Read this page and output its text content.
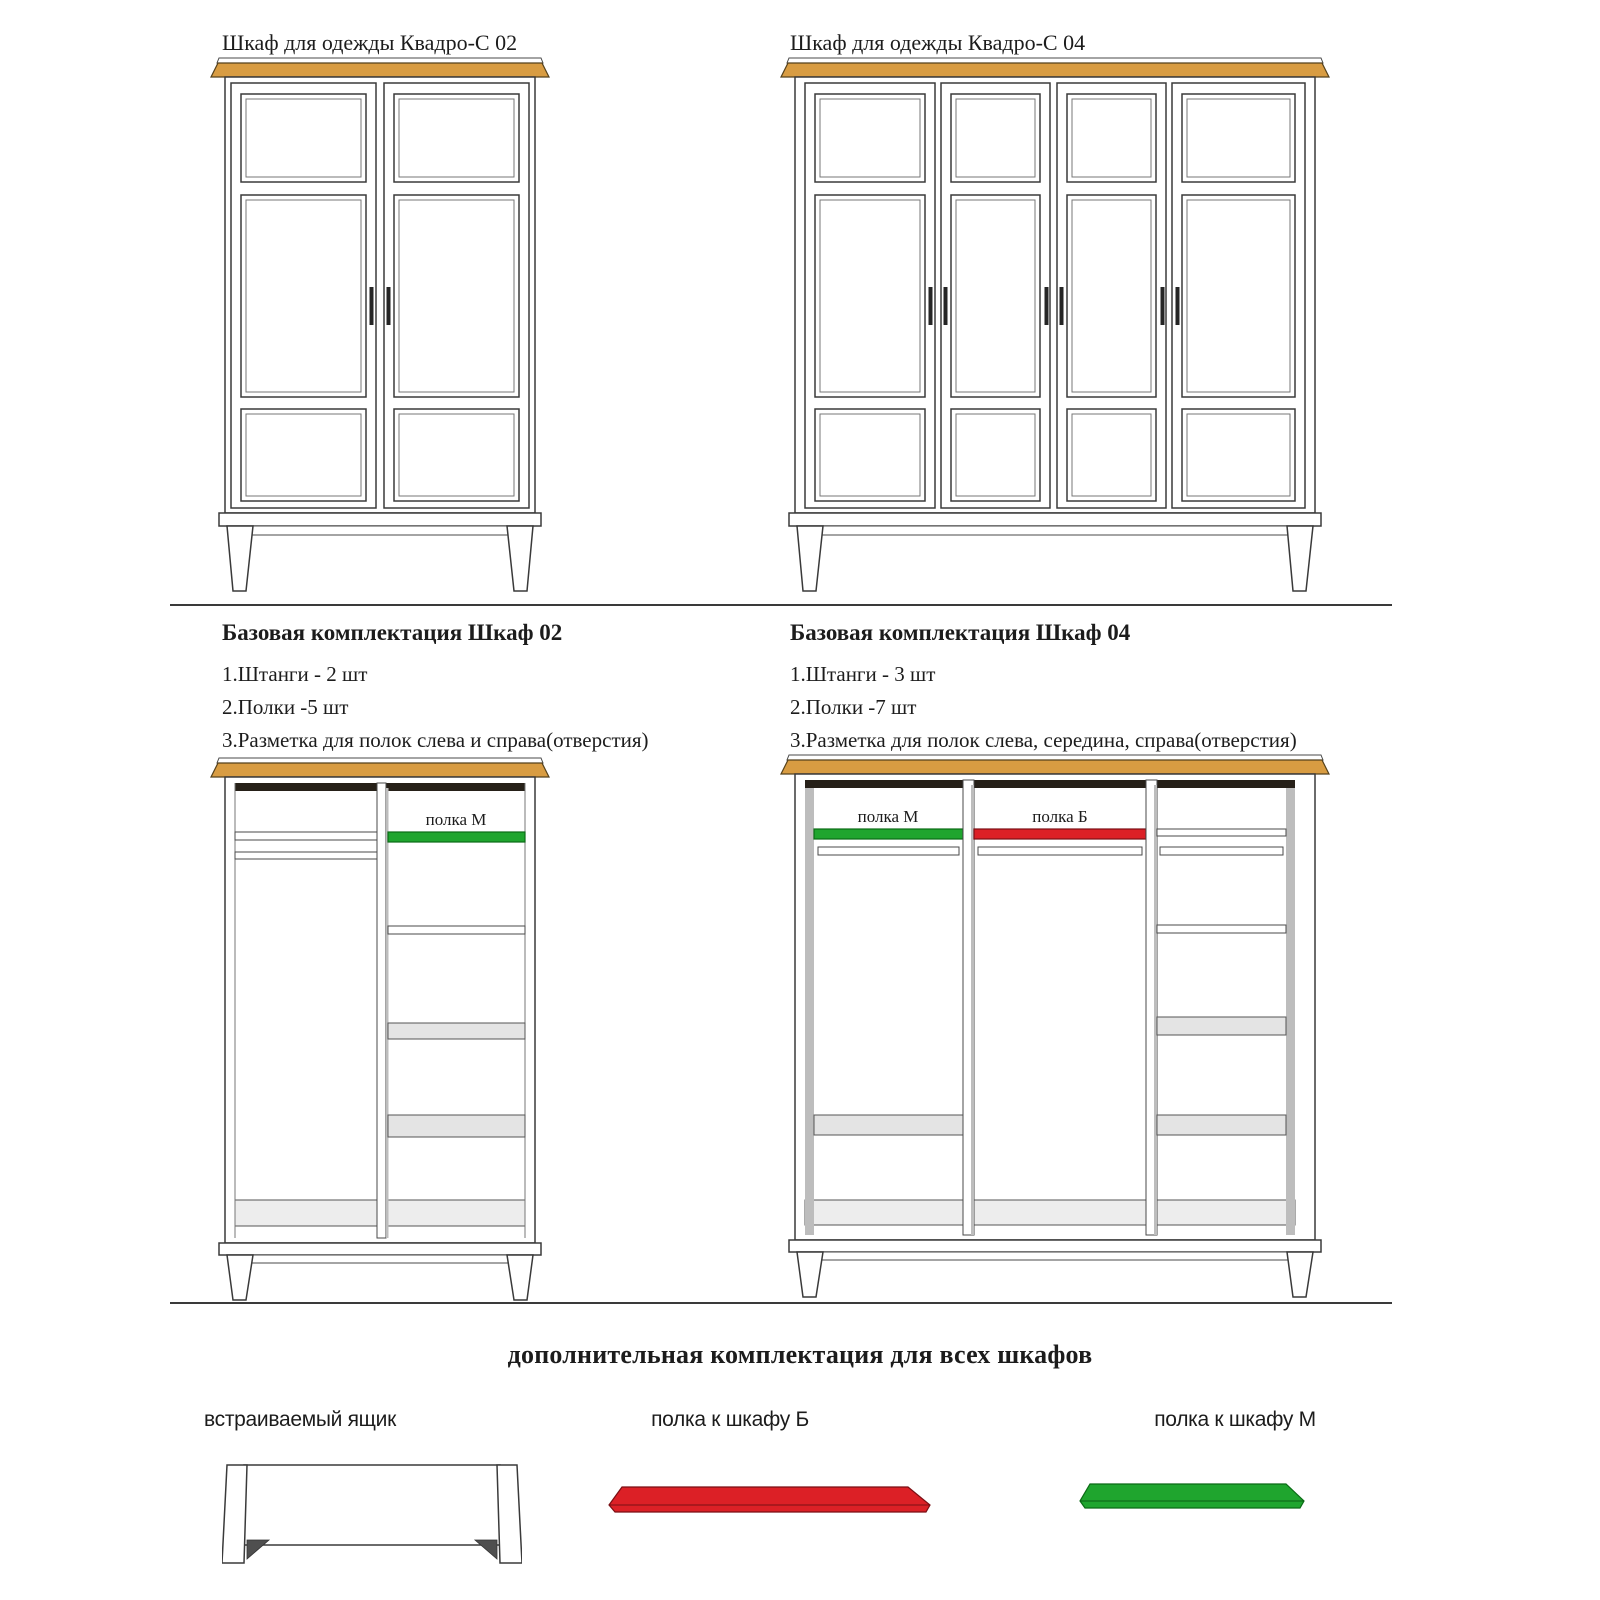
Шкаф для одежды Квадро-С 02	Шкаф для одежды Квадро-С 04
Базовая комплектация Шкаф 02
1.Штанги - 2 шт
2.Полки -5 шт
3.Разметка для полок слева и справа(отверстия)
Базовая комплектация Шкаф 04
1.Штанги - 3 шт
2.Полки -7 шт
3.Разметка для полок слева, середина, справа(отверстия)
полка М	полка М	полка Б
дополнительная комплектация для всех шкафов
встраиваемый ящик	полка к шкафу Б	полка к шкафу М
